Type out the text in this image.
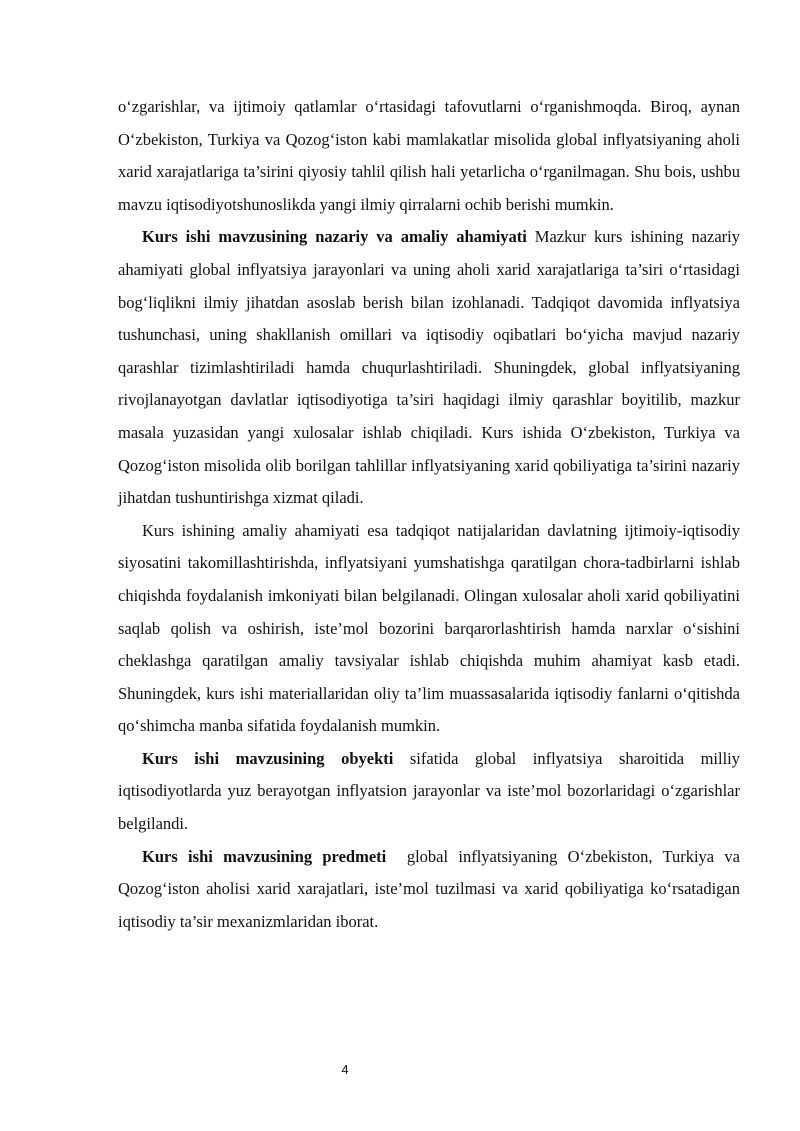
o‘zgarishlar, va ijtimoiy qatlamlar o‘rtasidagi tafovutlarni o‘rganishmoqda. Biroq, aynan O‘zbekiston, Turkiya va Qozog‘iston kabi mamlakatlar misolida global inflyatsiyaning aholi xarid xarajatlariga ta’sirini qiyosiy tahlil qilish hali yetarlicha o‘rganilmagan. Shu bois, ushbu mavzu iqtisodiyotshunoslikda yangi ilmiy qirralarni ochib berishi mumkin.

Kurs ishi mavzusining nazariy va amaliy ahamiyati Mazkur kurs ishining nazariy ahamiyati global inflyatsiya jarayonlari va uning aholi xarid xarajatlariga ta’siri o‘rtasidagi bog‘liqlikni ilmiy jihatdan asoslab berish bilan izohlanadi. Tadqiqot davomida inflyatsiya tushunchasi, uning shakllanish omillari va iqtisodiy oqibatlari bo‘yicha mavjud nazariy qarashlar tizimlashtiriladi hamda chuqurlashtiriladi. Shuningdek, global inflyatsiyaning rivojlanayotgan davlatlar iqtisodiyotiga ta’siri haqidagi ilmiy qarashlar boyitilib, mazkur masala yuzasidan yangi xulosalar ishlab chiqiladi. Kurs ishida O‘zbekiston, Turkiya va Qozog‘iston misolida olib borilgan tahlillar inflyatsiyaning xarid qobiliyatiga ta’sirini nazariy jihatdan tushuntirishga xizmat qiladi.

Kurs ishining amaliy ahamiyati esa tadqiqot natijalaridan davlatning ijtimoiy-iqtisodiy siyosatini takomillashtirishda, inflyatsiyani yumshatishga qaratilgan chora-tadbirlarni ishlab chiqishda foydalanish imkoniyati bilan belgilanadi. Olingan xulosalar aholi xarid qobiliyatini saqlab qolish va oshirish, iste’mol bozorini barqarorlashtirish hamda narxlar o‘sishini cheklashga qaratilgan amaliy tavsiyalar ishlab chiqishda muhim ahamiyat kasb etadi. Shuningdek, kurs ishi materiallaridan oliy ta’lim muassasalarida iqtisodiy fanlarni o‘qitishda qo‘shimcha manba sifatida foydalanish mumkin.

Kurs ishi mavzusining obyekti sifatida global inflyatsiya sharoitida milliy iqtisodiyotlarda yuz berayotgan inflyatsion jarayonlar va iste’mol bozorlaridagi o‘zgarishlar belgilandi.

Kurs ishi mavzusining predmeti  global inflyatsiyaning O‘zbekiston, Turkiya va Qozog‘iston aholisi xarid xarajatlari, iste’mol tuzilmasi va xarid qobiliyatiga ko‘rsatadigan iqtisodiy ta’sir mexanizmlaridan iborat.

4
